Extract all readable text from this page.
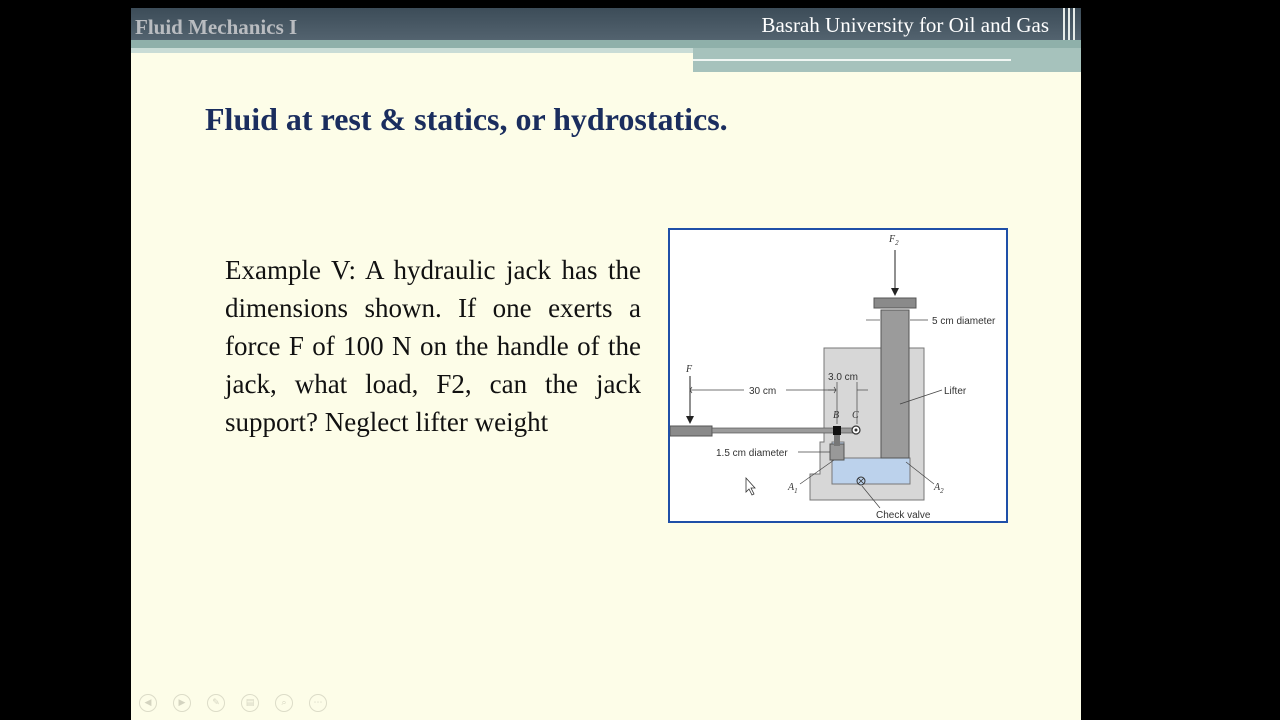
Fluid Mechanics I	Basrah University for Oil and Gas
Fluid at rest & statics, or hydrostatics.

Example V: A hydraulic jack has the dimensions shown. If one exerts a force F of 100 N on the handle of the jack, what load, F2, can the jack support? Neglect lifter weight

$F_2$
5 cm diameter
F
3.0 cm
30 cm	Lifter
B C
1.5 cm diameter
$A_1$	$A_2$
Check valve
◀	▶	✎	▤	⌕	⋯
